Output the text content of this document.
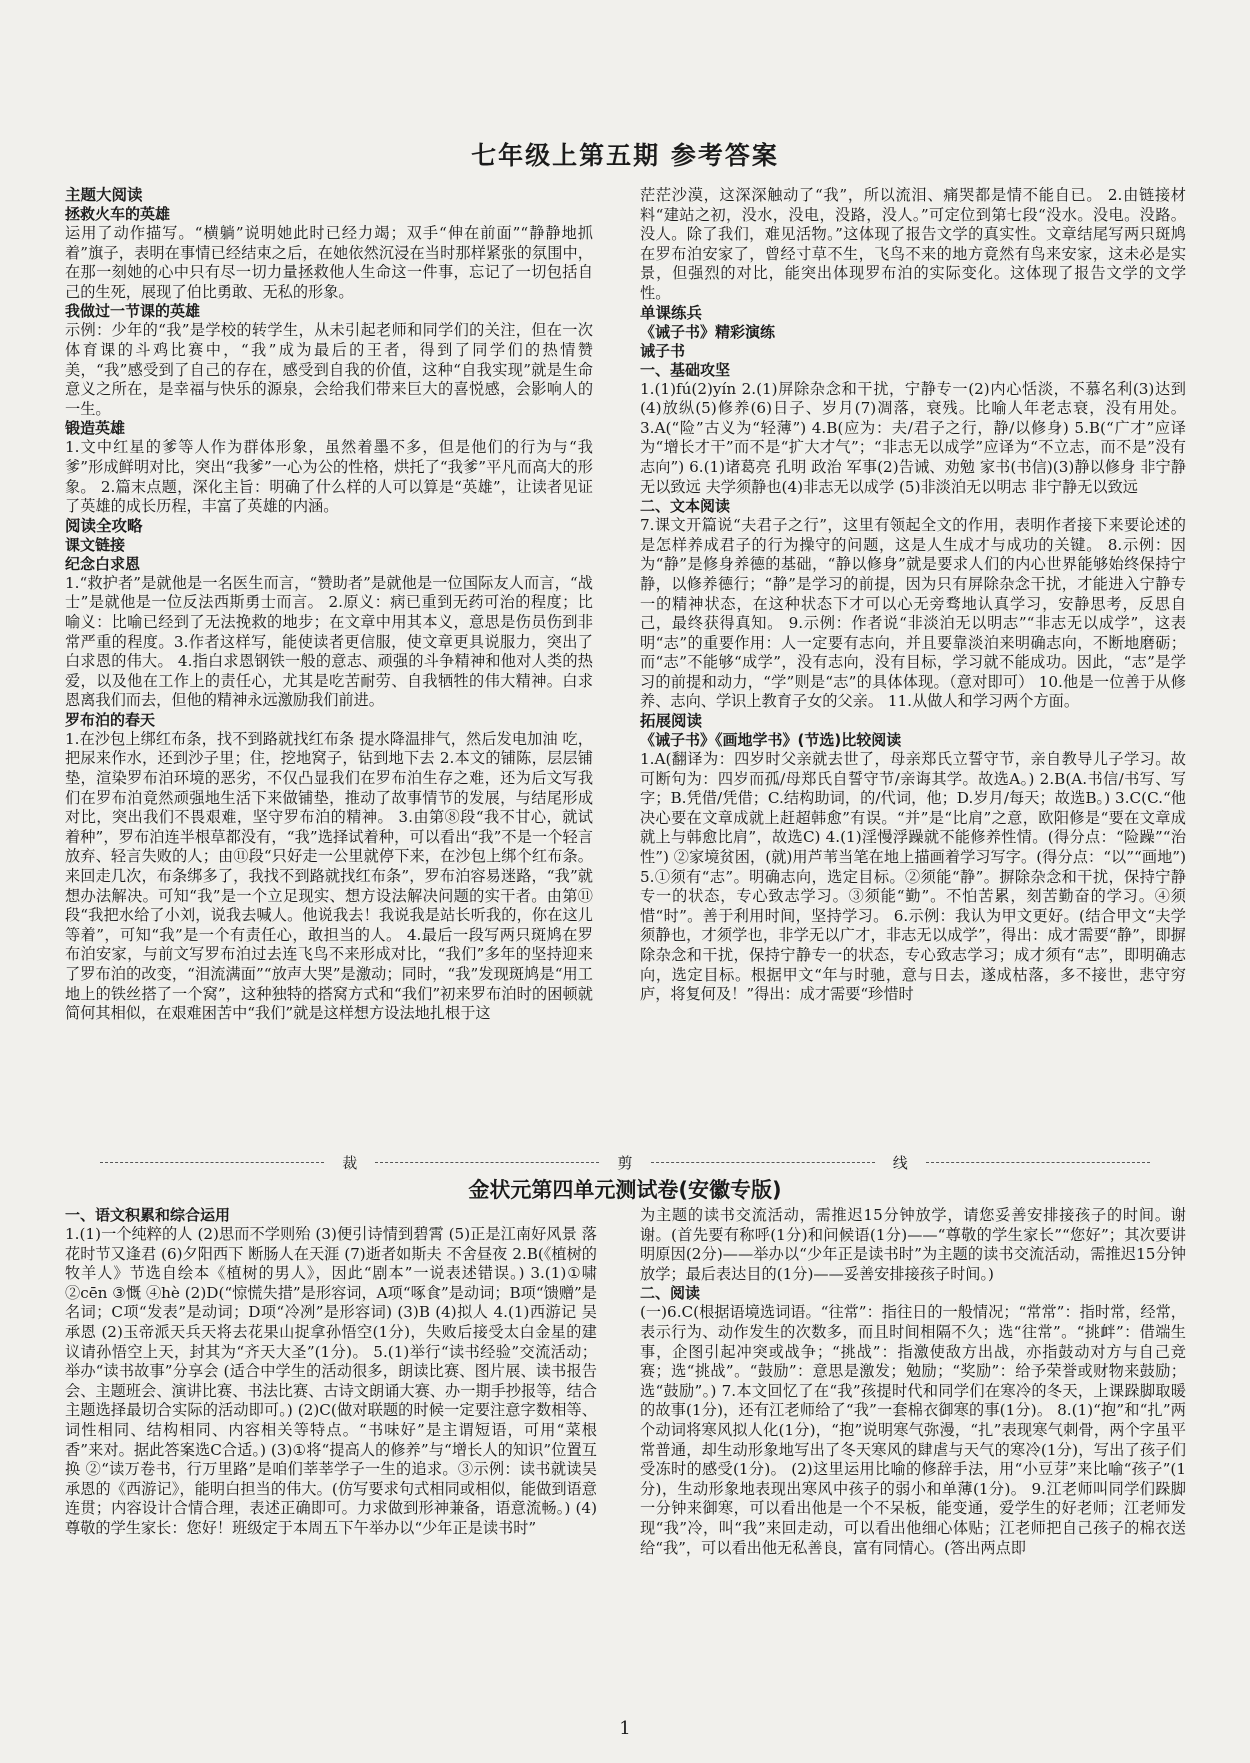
七年级上第五期 参考答案

主题大阅读

拯救火车的英雄

运用了动作描写。“横躺”说明她此时已经力竭；双手“伸在前面”“静静地抓着”旗子，表明在事情已经结束之后，在她依然沉浸在当时那样紧张的氛围中，在那一刻她的心中只有尽一切力量拯救他人生命这一件事，忘记了一切包括自己的生死，展现了伯比勇敢、无私的形象。

我做过一节课的英雄

示例：少年的“我”是学校的转学生，从未引起老师和同学们的关注，但在一次体育课的斗鸡比赛中，“我”成为最后的王者，得到了同学们的热情赞美，“我”感受到了自己的存在，感受到自我的价值，这种“自我实现”就是生命意义之所在，是幸福与快乐的源泉，会给我们带来巨大的喜悦感，会影响人的一生。

锻造英雄

1.文中红星的爹等人作为群体形象，虽然着墨不多，但是他们的行为与“我爹”形成鲜明对比，突出“我爹”一心为公的性格，烘托了“我爹”平凡而高大的形象。 2.篇末点题，深化主旨：明确了什么样的人可以算是“英雄”，让读者见证了英雄的成长历程，丰富了英雄的内涵。

阅读全攻略

课文链接

纪念白求恩

1.“救护者”是就他是一名医生而言，“赞助者”是就他是一位国际友人而言，“战士”是就他是一位反法西斯勇士而言。 2.原义：病已重到无药可治的程度；比喻义：比喻已经到了无法挽救的地步；在文章中用其本义，意思是伤员伤到非常严重的程度。3.作者这样写，能使读者更信服，使文章更具说服力，突出了白求恩的伟大。 4.指白求恩钢铁一般的意志、顽强的斗争精神和他对人类的热爱，以及他在工作上的责任心，尤其是吃苦耐劳、自我牺牲的伟大精神。白求恩离我们而去，但他的精神永远激励我们前进。

罗布泊的春天

1.在沙包上绑红布条，找不到路就找红布条 提水降温排气，然后发电加油 吃，把尿来作水，还到沙子里；住，挖地窝子，钻到地下去 2.本文的铺陈，层层铺垫，渲染罗布泊环境的恶劣，不仅凸显我们在罗布泊生存之难，还为后文写我们在罗布泊竟然顽强地生活下来做铺垫，推动了故事情节的发展，与结尾形成对比，突出我们不畏艰难，坚守罗布泊的精神。 3.由第⑧段“我不甘心，就试着种”，罗布泊连半根草都没有，“我”选择试着种，可以看出“我”不是一个轻言放弃、轻言失败的人；由⑪段“只好走一公里就停下来，在沙包上绑个红布条。来回走几次，布条绑多了，我找不到路就找红布条”，罗布泊容易迷路，“我”就想办法解决。可知“我”是一个立足现实、想方设法解决问题的实干者。由第⑪段“我把水给了小刘，说我去喊人。他说我去！我说我是站长听我的，你在这儿等着”，可知“我”是一个有责任心，敢担当的人。 4.最后一段写两只斑鸠在罗布泊安家，与前文写罗布泊过去连飞鸟不来形成对比，“我们”多年的坚持迎来了罗布泊的改变，“泪流满面”“放声大哭”是激动；同时，“我”发现斑鸠是“用工地上的铁丝搭了一个窝”，这种独特的搭窝方式和“我们”初来罗布泊时的困顿就简何其相似，在艰难困苦中“我们”就是这样想方设法地扎根于这

茫茫沙漠，这深深触动了“我”，所以流泪、痛哭都是情不能自已。 2.由链接材料“建站之初，没水，没电，没路，没人。”可定位到第七段“没水。没电。没路。没人。除了我们，难见活物。”这体现了报告文学的真实性。文章结尾写两只斑鸠在罗布泊安家了，曾经寸草不生，飞鸟不来的地方竟然有鸟来安家，这未必是实景，但强烈的对比，能突出体现罗布泊的实际变化。这体现了报告文学的文学性。

单课练兵

《诫子书》精彩演练

诫子书

一、基础攻坚

1.(1)fú(2)yín 2.(1)屏除杂念和干扰，宁静专一(2)内心恬淡，不慕名利(3)达到(4)放纵(5)修养(6)日子、岁月(7)凋落，衰残。比喻人年老志衰，没有用处。 3.A(“险”古义为“轻薄”) 4.B(应为：夫/君子之行，静/以修身) 5.B(“广才”应译为“增长才干”而不是“扩大才气”；“非志无以成学”应译为“不立志，而不是”没有志向”) 6.(1)诸葛亮 孔明 政治 军事(2)告诫、劝勉 家书(书信)(3)静以修身 非宁静无以致远 夫学须静也(4)非志无以成学 (5)非淡泊无以明志 非宁静无以致远

二、文本阅读

7.课文开篇说“夫君子之行”，这里有领起全文的作用，表明作者接下来要论述的是怎样养成君子的行为操守的问题，这是人生成才与成功的关键。 8.示例：因为“静”是修身养德的基础，“静以修身”就是要求人们的内心世界能够始终保持宁静，以修养德行；“静”是学习的前提，因为只有屏除杂念干扰，才能进入宁静专一的精神状态，在这种状态下才可以心无旁骛地认真学习，安静思考，反思自己，最终获得真知。 9.示例：作者说“非淡泊无以明志”“非志无以成学”，这表明“志”的重要作用：人一定要有志向，并且要靠淡泊来明确志向，不断地磨砺；而“志”不能够“成学”，没有志向，没有目标，学习就不能成功。因此，“志”是学习的前提和动力，“学”则是“志”的具体体现。（意对即可） 10.他是一位善于从修养、志向、学识上教育子女的父亲。 11.从做人和学习两个方面。

拓展阅读

《诫子书》《画地学书》(节选)比较阅读

1.A(翻译为：四岁时父亲就去世了，母亲郑氏立誓守节，亲自教导儿子学习。故可断句为：四岁而孤/母郑氏自誓守节/亲诲其学。故选A。) 2.B(A.书信/书写、写字；B.凭借/凭借；C.结构助词，的/代词，他；D.岁月/每天；故选B。) 3.C(C.“他决心要在文章成就上赶超韩愈”有误。“并”是“比肩”之意，欧阳修是“要在文章成就上与韩愈比肩”，故选C) 4.(1)淫慢浮躁就不能修养性情。(得分点：“险躁”“治性”) ②家境贫困，(就)用芦苇当笔在地上描画着学习写字。(得分点：“以”“画地”) 5.①须有“志”。明确志向，选定目标。②须能“静”。摒除杂念和干扰，保持宁静专一的状态，专心致志学习。③须能“勤”。不怕苦累，刻苦勤奋的学习。④须惜“时”。善于利用时间，坚持学习。 6.示例：我认为甲文更好。(结合甲文“夫学须静也，才须学也，非学无以广才，非志无以成学”，得出：成才需要“静”，即摒除杂念和干扰，保持宁静专一的状态，专心致志学习；成才须有“志”，即明确志向，选定目标。根据甲文“年与时驰，意与日去，遂成枯落，多不接世，悲守穷庐，将复何及！”得出：成才需要“珍惜时

裁	剪	线
金状元第四单元测试卷(安徽专版)

一、语文积累和综合运用

1.(1)一个纯粹的人 (2)思而不学则殆 (3)便引诗情到碧霄 (5)正是江南好风景 落花时节又逢君 (6)夕阳西下 断肠人在天涯 (7)逝者如斯夫 不舍昼夜 2.B(《植树的牧羊人》节选自绘本《植树的男人》，因此“剧本”一说表述错误。) 3.(1)①啸 ②cēn ③慨 ④hè (2)D(“惊慌失措”是形容词，A项“啄食”是动词；B项“馈赠”是名词；C项“发表”是动词；D项“冷冽”是形容词) (3)B (4)拟人 4.(1)西游记 吴承恩 (2)玉帝派天兵天将去花果山捉拿孙悟空(1分)，失败后接受太白金星的建议请孙悟空上天，封其为“齐天大圣”(1分)。 5.(1)举行“读书经验”交流活动；举办“读书故事”分享会 (适合中学生的活动很多，朗读比赛、图片展、读书报告会、主题班会、演讲比赛、书法比赛、古诗文朗诵大赛、办一期手抄报等，结合主题选择最切合实际的活动即可。) (2)C(做对联题的时候一定要注意字数相等、词性相同、结构相同、内容相关等特点。“书味好”是主谓短语，可用“菜根香”来对。据此答案选C合适。) (3)①将“提高人的修养”与“增长人的知识”位置互换 ②“读万卷书，行万里路”是咱们莘莘学子一生的追求。③示例：读书就读吴承恩的《西游记》，能明白担当的伟大。(仿写要求句式相同或相似，能做到语意连贯；内容设计合情合理，表述正确即可。力求做到形神兼备，语意流畅。) (4)尊敬的学生家长：您好！班级定于本周五下午举办以“少年正是读书时”

为主题的读书交流活动，需推迟15分钟放学，请您妥善安排接孩子的时间。谢谢。(首先要有称呼(1分)和问候语(1分)——“尊敬的学生家长”“您好”；其次要讲明原因(2分)——举办以“少年正是读书时”为主题的读书交流活动，需推迟15分钟放学；最后表达目的(1分)——妥善安排接孩子时间。)

二、阅读

(一)6.C(根据语境选词语。“往常”：指往日的一般情况；“常常”：指时常，经常，表示行为、动作发生的次数多，而且时间相隔不久；选“往常”。“挑衅”：借端生事，企图引起冲突或战争；“挑战”：指激使敌方出战，亦指鼓动对方与自己竞赛；选“挑战”。“鼓励”：意思是激发；勉励；“奖励”：给予荣誉或财物来鼓励；选“鼓励”。) 7.本文回忆了在“我”孩提时代和同学们在寒冷的冬天，上课跺脚取暖的故事(1分)，还有江老师给了“我”一套棉衣御寒的事(1分)。 8.(1)“抱”和“扎”两个动词将寒风拟人化(1分)，“抱”说明寒气弥漫，“扎”表现寒气刺骨，两个字虽平常普通，却生动形象地写出了冬天寒风的肆虐与天气的寒冷(1分)，写出了孩子们受冻时的感受(1分)。 (2)这里运用比喻的修辞手法，用“小豆芽”来比喻“孩子”(1分)，生动形象地表现出寒风中孩子的弱小和单薄(1分)。 9.江老师叫同学们跺脚一分钟来御寒，可以看出他是一个不呆板，能变通，爱学生的好老师；江老师发现“我”冷，叫“我”来回走动，可以看出他细心体贴；江老师把自己孩子的棉衣送给“我”，可以看出他无私善良，富有同情心。(答出两点即

1
